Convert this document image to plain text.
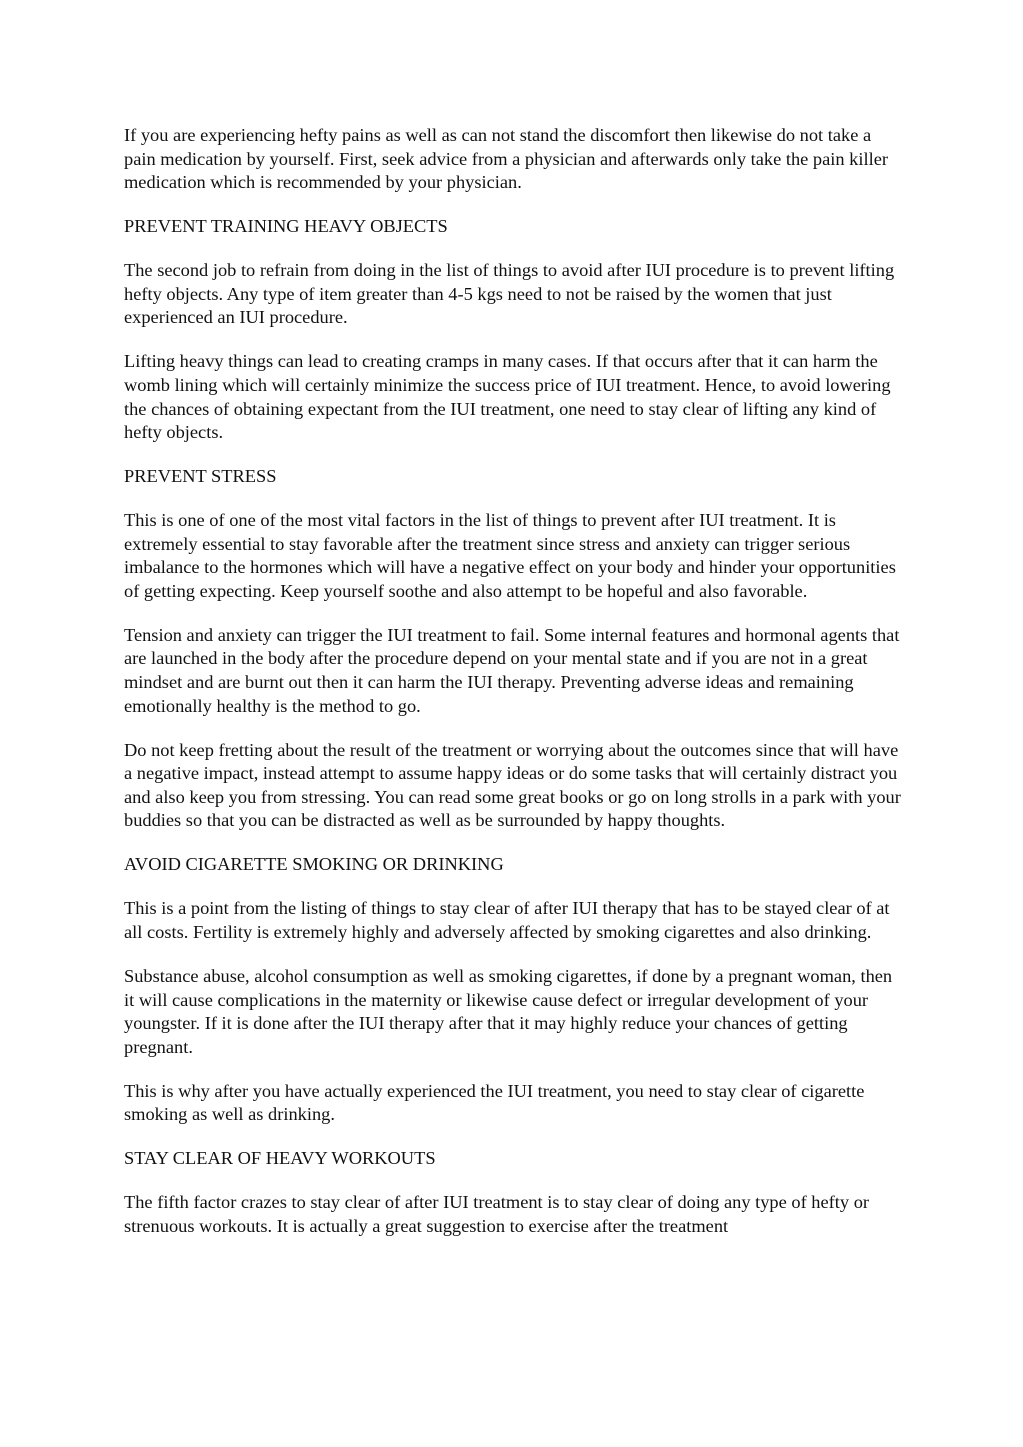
If you are experiencing hefty pains as well as can not stand the discomfort then likewise do not take a pain medication by yourself. First, seek advice from a physician and afterwards only take the pain killer medication which is recommended by your physician.

PREVENT TRAINING HEAVY OBJECTS

The second job to refrain from doing in the list of things to avoid after IUI procedure is to prevent lifting hefty objects. Any type of item greater than 4-5 kgs need to not be raised by the women that just experienced an IUI procedure.

Lifting heavy things can lead to creating cramps in many cases. If that occurs after that it can harm the womb lining which will certainly minimize the success price of IUI treatment. Hence, to avoid lowering the chances of obtaining expectant from the IUI treatment, one need to stay clear of lifting any kind of hefty objects.

PREVENT STRESS

This is one of one of the most vital factors in the list of things to prevent after IUI treatment. It is extremely essential to stay favorable after the treatment since stress and anxiety can trigger serious imbalance to the hormones which will have a negative effect on your body and hinder your opportunities of getting expecting. Keep yourself soothe and also attempt to be hopeful and also favorable.

Tension and anxiety can trigger the IUI treatment to fail. Some internal features and hormonal agents that are launched in the body after the procedure depend on your mental state and if you are not in a great mindset and are burnt out then it can harm the IUI therapy. Preventing adverse ideas and remaining emotionally healthy is the method to go.

Do not keep fretting about the result of the treatment or worrying about the outcomes since that will have a negative impact, instead attempt to assume happy ideas or do some tasks that will certainly distract you and also keep you from stressing. You can read some great books or go on long strolls in a park with your buddies so that you can be distracted as well as be surrounded by happy thoughts.

AVOID CIGARETTE SMOKING OR DRINKING

This is a point from the listing of things to stay clear of after IUI therapy that has to be stayed clear of at all costs. Fertility is extremely highly and adversely affected by smoking cigarettes and also drinking.

Substance abuse, alcohol consumption as well as smoking cigarettes, if done by a pregnant woman, then it will cause complications in the maternity or likewise cause defect or irregular development of your youngster. If it is done after the IUI therapy after that it may highly reduce your chances of getting pregnant.

This is why after you have actually experienced the IUI treatment, you need to stay clear of cigarette smoking as well as drinking.

STAY CLEAR OF HEAVY WORKOUTS

The fifth factor crazes to stay clear of after IUI treatment is to stay clear of doing any type of hefty or strenuous workouts. It is actually a great suggestion to exercise after the treatment
